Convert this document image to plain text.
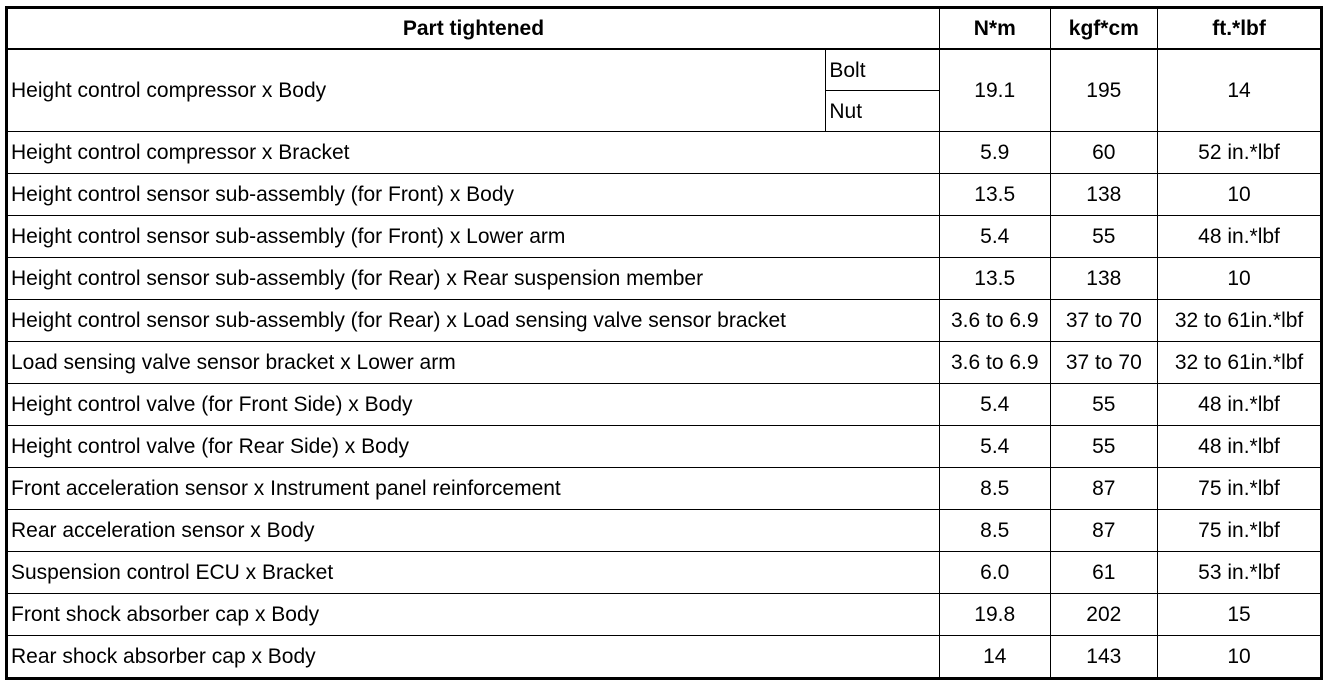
Part tightened		N*m	kgf*cm	ft.*lbf
Height control compressor x Body	Bolt	19.1	195	14
	Nut			
Height control compressor x Bracket		5.9	60	52 in.*lbf
Height control sensor sub-assembly (for Front) x Body		13.5	138	10
Height control sensor sub-assembly (for Front) x Lower arm		5.4	55	48 in.*lbf
Height control sensor sub-assembly (for Rear) x Rear suspension member		13.5	138	10
Height control sensor sub-assembly (for Rear) x Load sensing valve sensor bracket		3.6 to 6.9	37 to 70	32 to 61in.*lbf
Load sensing valve sensor bracket x Lower arm		3.6 to 6.9	37 to 70	32 to 61in.*lbf
Height control valve (for Front Side) x Body		5.4	55	48 in.*lbf
Height control valve (for Rear Side) x Body		5.4	55	48 in.*lbf
Front acceleration sensor x Instrument panel reinforcement		8.5	87	75 in.*lbf
Rear acceleration sensor x Body		8.5	87	75 in.*lbf
Suspension control ECU x Bracket		6.0	61	53 in.*lbf
Front shock absorber cap x Body		19.8	202	15
Rear shock absorber cap x Body		14	143	10
